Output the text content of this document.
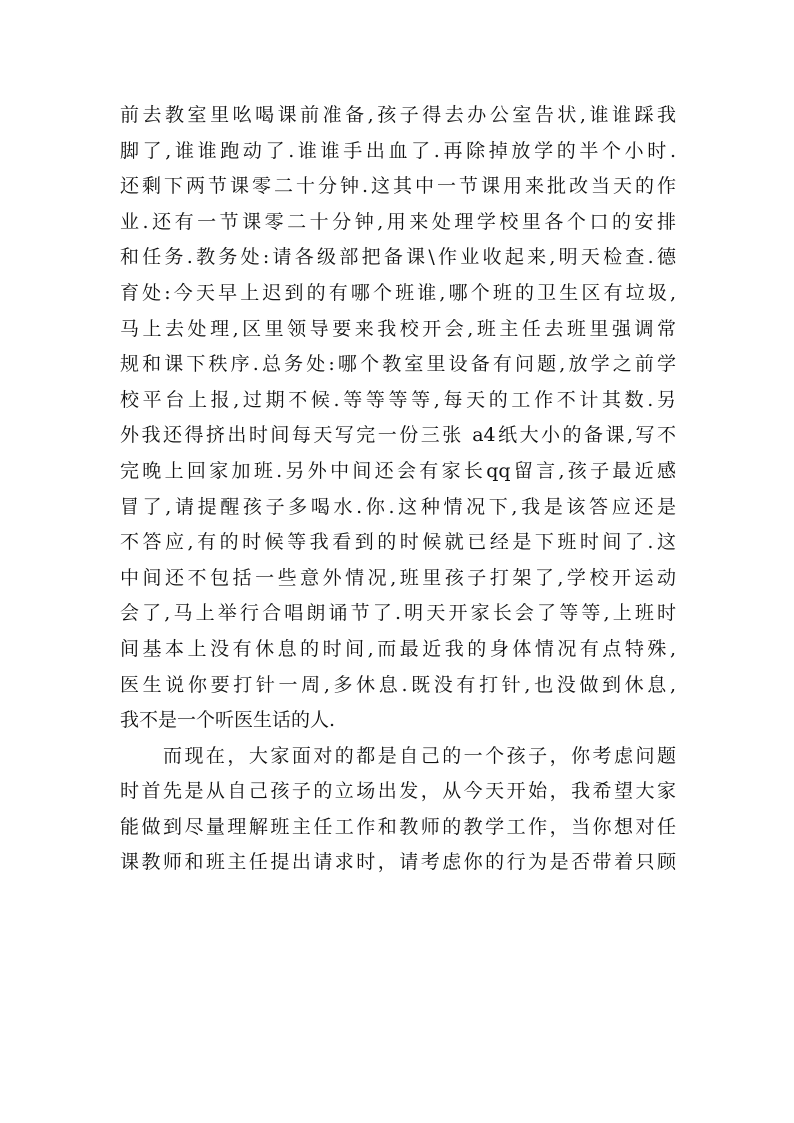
前去教室里吆喝课前准备,孩子得去办公室告状,谁谁踩我
脚了,谁谁跑动了.谁谁手出血了.再除掉放学的半个小时.
还剩下两节课零二十分钟.这其中一节课用来批改当天的作
业.还有一节课零二十分钟,用来处理学校里各个口的安排
和任务.教务处:请各级部把备课\作业收起来,明天检查.德
育处:今天早上迟到的有哪个班谁,哪个班的卫生区有垃圾,
马上去处理,区里领导要来我校开会,班主任去班里强调常
规和课下秩序.总务处:哪个教室里设备有问题,放学之前学
校平台上报,过期不候.等等等等,每天的工作不计其数.另
外我还得挤出时间每天写完一份三张 a4纸大小的备课,写不
完晚上回家加班.另外中间还会有家长qq留言,孩子最近感
冒了,请提醒孩子多喝水.你.这种情况下,我是该答应还是
不答应,有的时候等我看到的时候就已经是下班时间了.这
中间还不包括一些意外情况,班里孩子打架了,学校开运动
会了,马上举行合唱朗诵节了.明天开家长会了等等,上班时
间基本上没有休息的时间,而最近我的身体情况有点特殊,
医生说你要打针一周,多休息.既没有打针,也没做到休息,
我不是一个听医生话的人.
　　而现在，大家面对的都是自己的一个孩子，你考虑问题
时首先是从自己孩子的立场出发，从今天开始，我希望大家
能做到尽量理解班主任工作和教师的教学工作，当你想对任
课教师和班主任提出请求时，请考虑你的行为是否带着只顾
